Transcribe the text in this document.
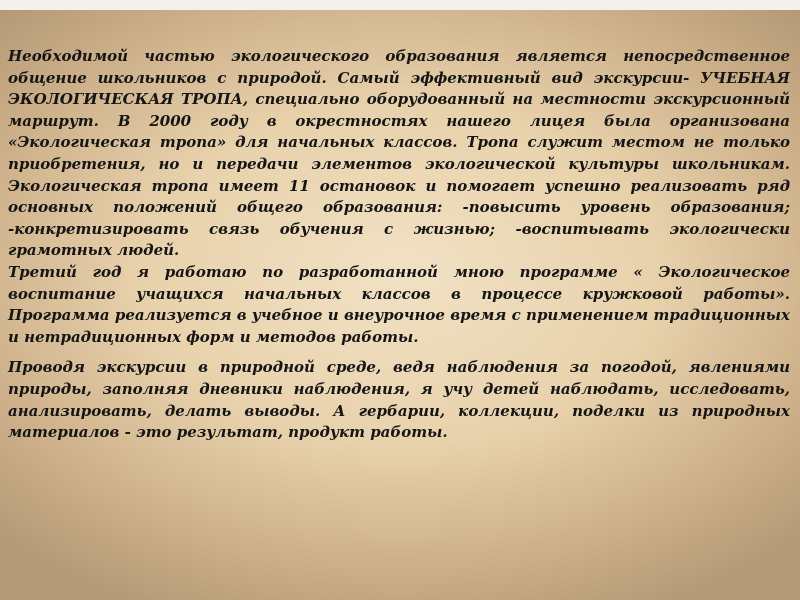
Необходимой частью экологического образования является непосредственное общение школьников с природой. Самый эффективный вид экскурсии- УЧЕБНАЯ ЭКОЛОГИЧЕСКАЯ ТРОПА, специально оборудованный на местности экскурсионный маршрут. В 2000 году в окрестностях нашего лицея была организована «Экологическая тропа» для начальных классов. Тропа служит местом не только приобретения, но и передачи элементов экологической культуры школьникам. Экологическая тропа имеет 11 остановок и помогает успешно реализовать ряд основных положений общего образования: -повысить уровень образования; -конкретизировать связь обучения с жизнью; -воспитывать экологически грамотных людей.

Третий год я работаю по разработанной мною программе « Экологическое воспитание учащихся начальных классов в процессе кружковой работы». Программа реализуется в учебное и внеурочное время с применением традиционных и нетрадиционных форм и методов работы.

Проводя экскурсии в природной среде, ведя наблюдения за погодой, явлениями природы, заполняя дневники наблюдения, я учу детей наблюдать, исследовать, анализировать, делать выводы. А гербарии, коллекции, поделки из природных материалов - это результат, продукт работы.
